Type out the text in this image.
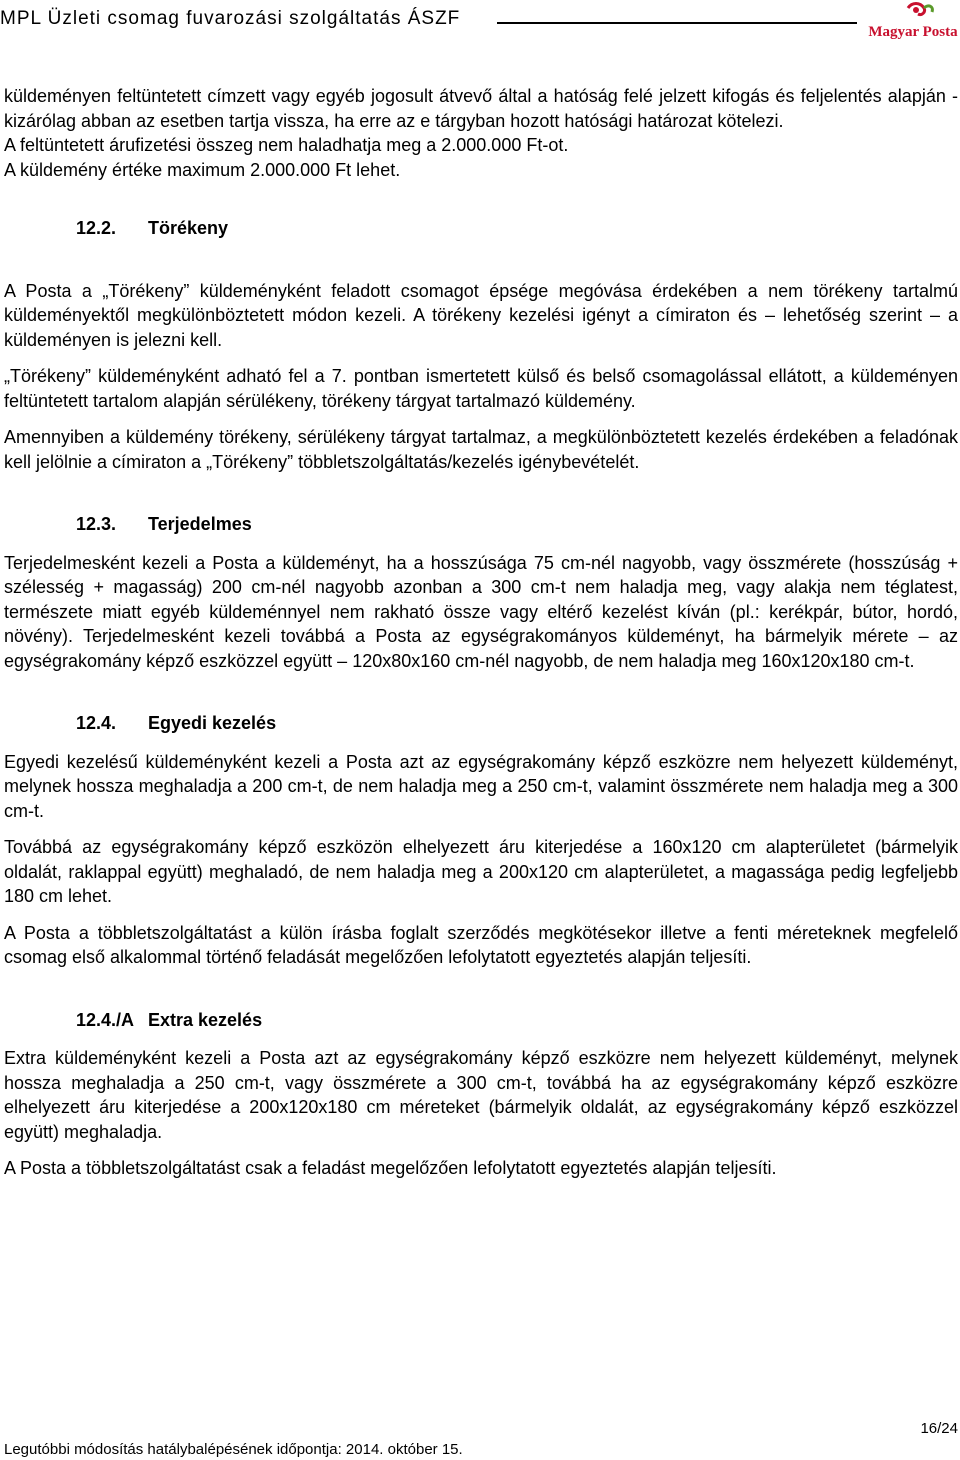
MPL Üzleti csomag fuvarozási szolgáltatás ÁSZF
Magyar Posta

küldeményen feltüntetett címzett vagy egyéb jogosult átvevő által a hatóság felé jelzett kifogás és feljelentés alapján - kizárólag abban az esetben tartja vissza, ha erre az e tárgyban hozott hatósági határozat kötelezi.

A feltüntetett árufizetési összeg nem haladhatja meg a 2.000.000 Ft-ot.

A küldemény értéke maximum 2.000.000 Ft lehet.

12.2. Törékeny

A Posta a „Törékeny” küldeményként feladott csomagot épsége megóvása érdekében a nem törékeny tartalmú küldeményektől megkülönböztetett módon kezeli. A törékeny kezelési igényt a címiraton és – lehetőség szerint – a küldeményen is jelezni kell.

„Törékeny” küldeményként adható fel a 7. pontban ismertetett külső és belső csomagolással ellátott, a küldeményen feltüntetett tartalom alapján sérülékeny, törékeny tárgyat tartalmazó küldemény.

Amennyiben a küldemény törékeny, sérülékeny tárgyat tartalmaz, a megkülönböztetett kezelés érdekében a feladónak kell jelölnie a címiraton a „Törékeny” többletszolgáltatás/kezelés igénybevételét.

12.3. Terjedelmes

Terjedelmesként kezeli a Posta a küldeményt, ha a hosszúsága 75 cm-nél nagyobb, vagy összmérete (hosszúság + szélesség + magasság) 200 cm-nél nagyobb azonban a 300 cm-t nem haladja meg, vagy alakja nem téglatest, természete miatt egyéb küldeménnyel nem rakható össze vagy eltérő kezelést kíván (pl.: kerékpár, bútor, hordó, növény). Terjedelmesként kezeli továbbá a Posta az egységrakományos küldeményt, ha bármelyik mérete – az egységrakomány képző eszközzel együtt – 120x80x160 cm-nél nagyobb, de nem haladja meg 160x120x180 cm-t.

12.4. Egyedi kezelés

Egyedi kezelésű küldeményként kezeli a Posta azt az egységrakomány képző eszközre nem helyezett küldeményt, melynek hossza meghaladja a 200 cm-t, de nem haladja meg a 250 cm-t, valamint összmérete nem haladja meg a 300 cm-t.

Továbbá az egységrakomány képző eszközön elhelyezett áru kiterjedése a 160x120 cm alapterületet (bármelyik oldalát, raklappal együtt) meghaladó, de nem haladja meg a 200x120 cm alapterületet, a magassága pedig legfeljebb 180 cm lehet.

A Posta a többletszolgáltatást a külön írásba foglalt szerződés megkötésekor illetve a fenti méreteknek megfelelő csomag első alkalommal történő feladását megelőzően lefolytatott egyeztetés alapján teljesíti.

12.4./A Extra kezelés

Extra küldeményként kezeli a Posta azt az egységrakomány képző eszközre nem helyezett küldeményt, melynek hossza meghaladja a 250 cm-t, vagy összmérete a 300 cm-t, továbbá ha az egységrakomány képző eszközre elhelyezett áru kiterjedése a 200x120x180 cm méreteket (bármelyik oldalát, az egységrakomány képző eszközzel együtt) meghaladja.

A Posta a többletszolgáltatást csak a feladást megelőzően lefolytatott egyeztetés alapján teljesíti.

16/24
Legutóbbi módosítás hatálybalépésének időpontja: 2014. október 15.
